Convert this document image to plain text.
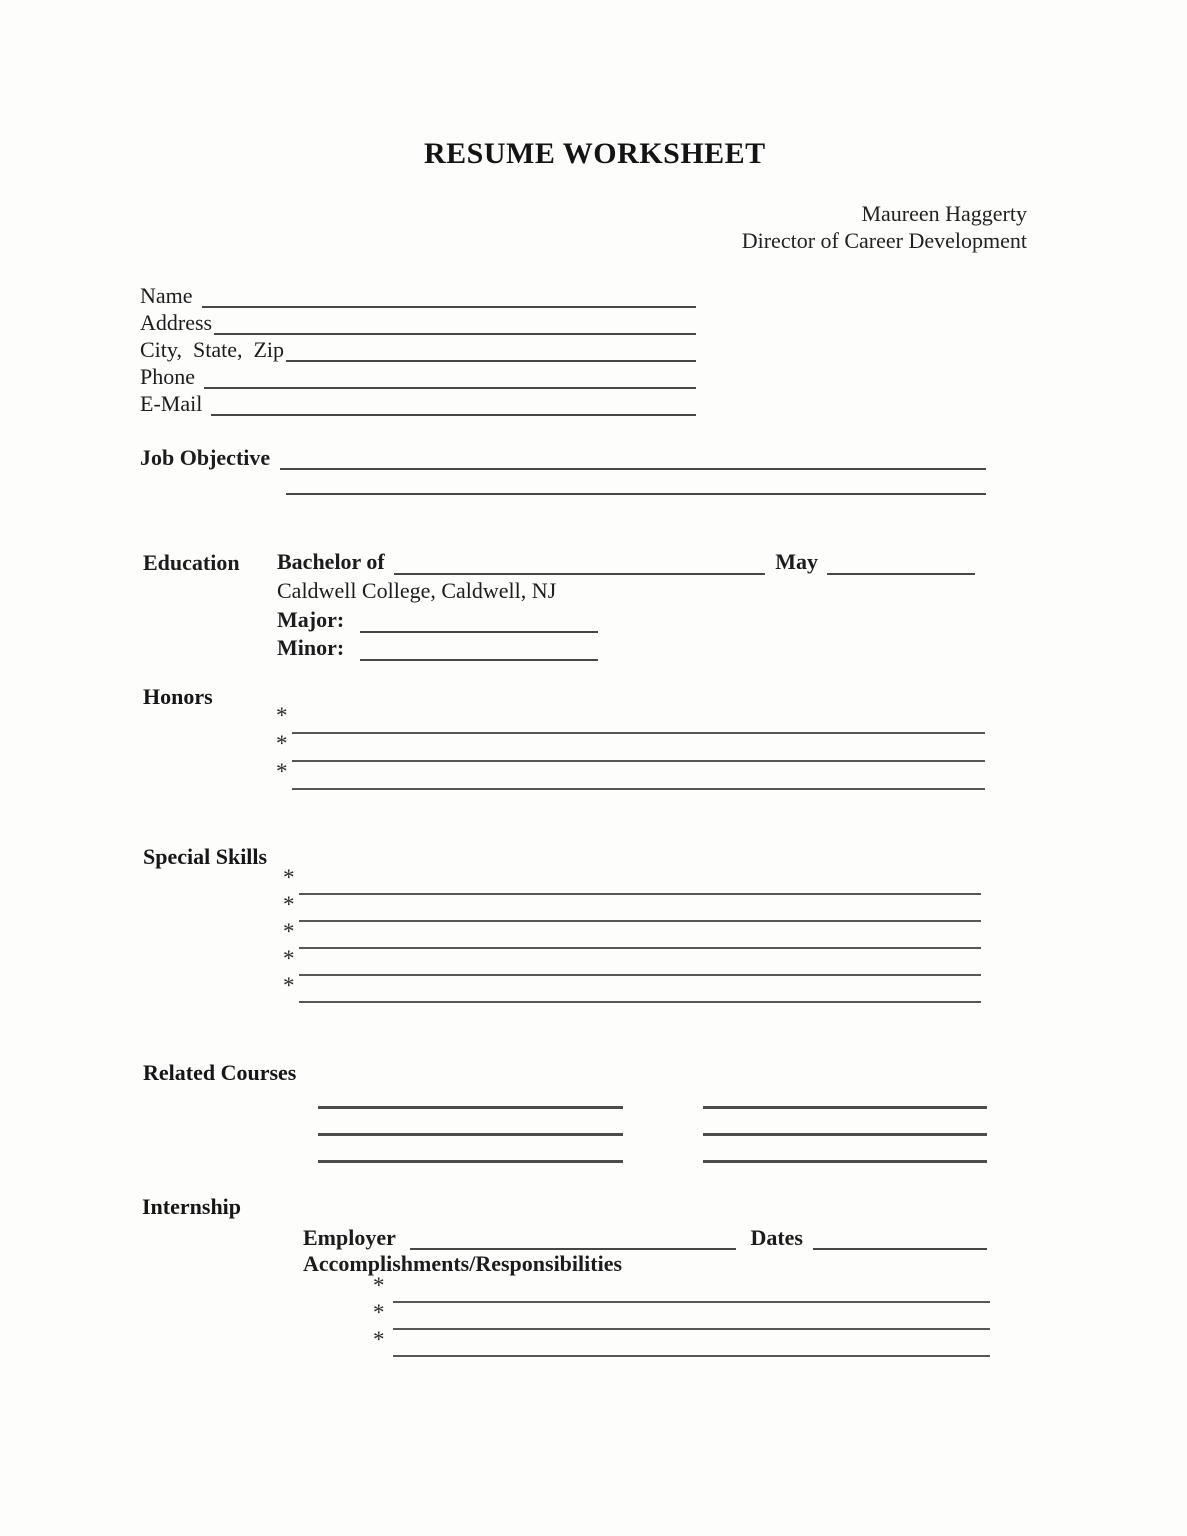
RESUME WORKSHEET
Maureen Haggerty
Director of Career Development
Name
Address
City,  State,  Zip
Phone
E-Mail
Job Objective
Education	Bachelor of	May
Caldwell College, Caldwell, NJ
Major:
Minor:
Honors
*
*
*
Special Skills
*
*
*
*
*
Related Courses
Internship
Employer	Dates
Accomplishments/Responsibilities
*
*
*
